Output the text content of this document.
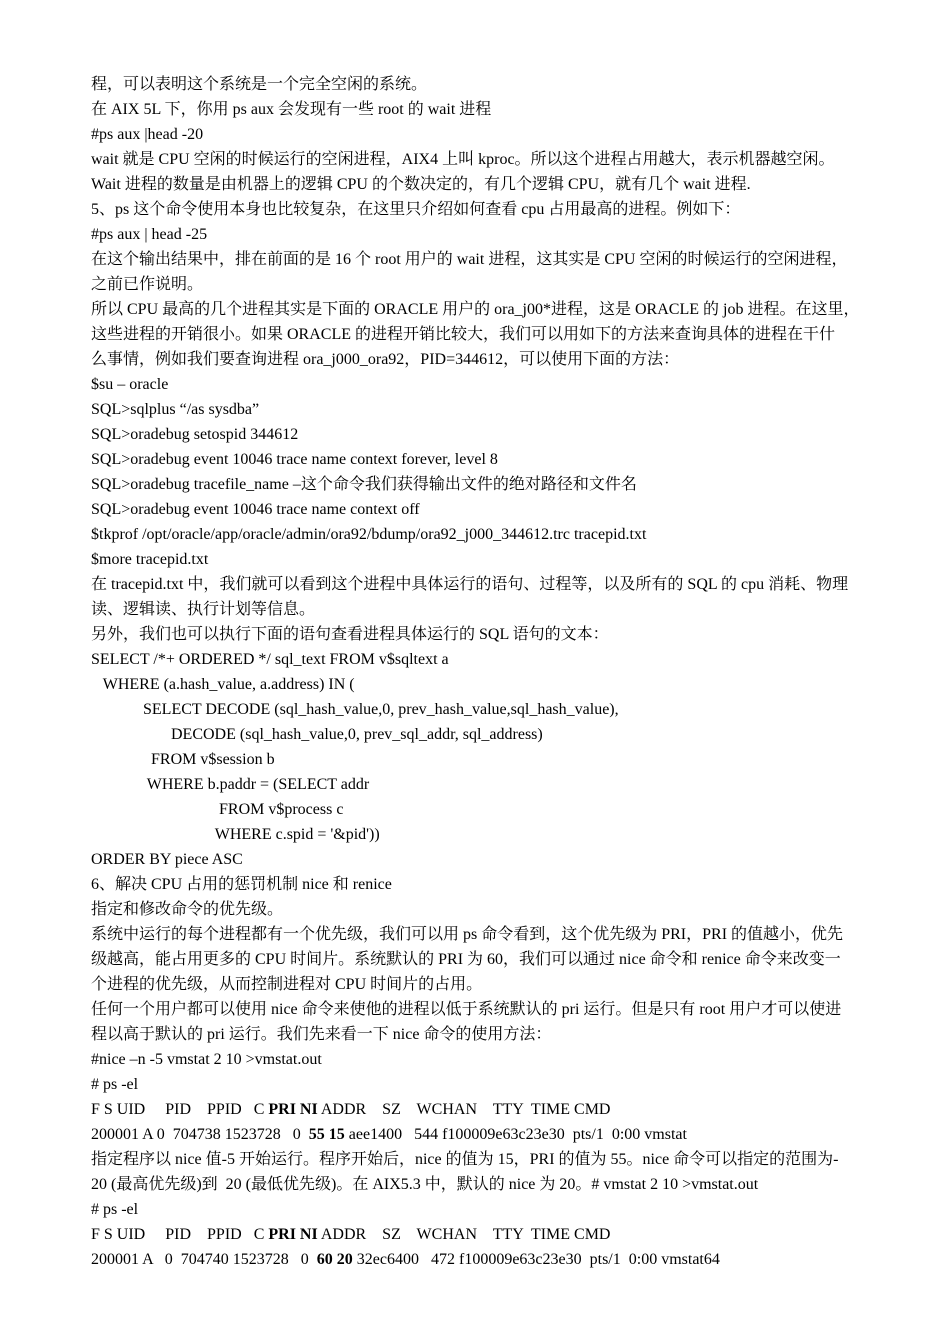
程，可以表明这个系统是一个完全空闲的系统。
在 AIX 5L 下，你用 ps aux 会发现有一些 root 的 wait 进程
#ps aux |head -20
wait 就是 CPU 空闲的时候运行的空闲进程，AIX4 上叫 kproc。所以这个进程占用越大，表示机器越空闲。
Wait 进程的数量是由机器上的逻辑 CPU 的个数决定的，有几个逻辑 CPU，就有几个 wait 进程.
5、ps 这个命令使用本身也比较复杂，在这里只介绍如何查看 cpu 占用最高的进程。例如下：
#ps aux | head -25
在这个输出结果中，排在前面的是 16 个 root 用户的 wait 进程，这其实是 CPU 空闲的时候运行的空闲进程，
之前已作说明。
所以 CPU 最高的几个进程其实是下面的 ORACLE 用户的 ora_j00*进程，这是 ORACLE 的 job 进程。在这里，
这些进程的开销很小。如果 ORACLE 的进程开销比较大，我们可以用如下的方法来查询具体的进程在干什
么事情，例如我们要查询进程 ora_j000_ora92，PID=344612，可以使用下面的方法：
$su – oracle
SQL>sqlplus “/as sysdba”
SQL>oradebug setospid 344612
SQL>oradebug event 10046 trace name context forever, level 8
SQL>oradebug tracefile_name –这个命令我们获得输出文件的绝对路径和文件名
SQL>oradebug event 10046 trace name context off
$tkprof /opt/oracle/app/oracle/admin/ora92/bdump/ora92_j000_344612.trc tracepid.txt
$more tracepid.txt
在 tracepid.txt 中，我们就可以看到这个进程中具体运行的语句、过程等，以及所有的 SQL 的 cpu 消耗、物理
读、逻辑读、执行计划等信息。
另外，我们也可以执行下面的语句查看进程具体运行的 SQL 语句的文本：
SELECT /*+ ORDERED */ sql_text FROM v$sqltext a
WHERE (a.hash_value, a.address) IN (
SELECT DECODE (sql_hash_value,0, prev_hash_value,sql_hash_value),
DECODE (sql_hash_value,0, prev_sql_addr, sql_address)
FROM v$session b
WHERE b.paddr = (SELECT addr
FROM v$process c
WHERE c.spid = '&pid'))
ORDER BY piece ASC
6、解决 CPU 占用的惩罚机制 nice 和 renice
指定和修改命令的优先级。
系统中运行的每个进程都有一个优先级，我们可以用 ps 命令看到，这个优先级为 PRI，PRI 的值越小，优先
级越高，能占用更多的 CPU 时间片。系统默认的 PRI 为 60，我们可以通过 nice 命令和 renice 命令来改变一
个进程的优先级，从而控制进程对 CPU 时间片的占用。
任何一个用户都可以使用 nice 命令来使他的进程以低于系统默认的 pri 运行。但是只有 root 用户才可以使进
程以高于默认的 pri 运行。我们先来看一下 nice 命令的使用方法：
#nice –n -5 vmstat 2 10 >vmstat.out
# ps -el
F S UID     PID    PPID   C PRI NI ADDR    SZ    WCHAN    TTY  TIME CMD
200001 A 0  704738 1523728   0  55 15 aee1400   544 f100009e63c23e30  pts/1  0:00 vmstat
指定程序以 nice 值-5 开始运行。程序开始后，nice 的值为 15，PRI 的值为 55。nice 命令可以指定的范围为-
20 (最高优先级)到  20 (最低优先级)。在 AIX5.3 中，默认的 nice 为 20。# vmstat 2 10 >vmstat.out
# ps -el
F S UID     PID    PPID   C PRI NI ADDR    SZ    WCHAN    TTY  TIME CMD
200001 A   0  704740 1523728   0  60 20 32ec6400   472 f100009e63c23e30  pts/1  0:00 vmstat64
